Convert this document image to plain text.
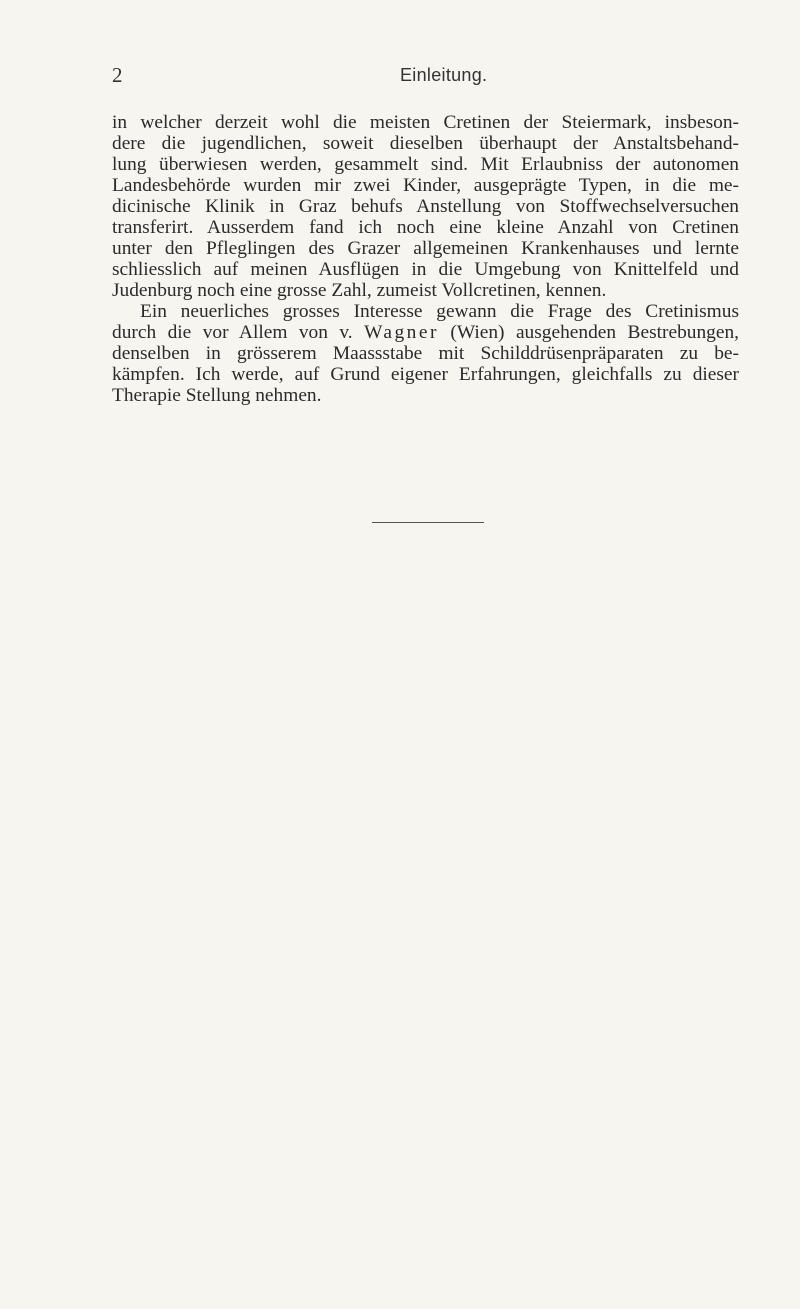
2	Einleitung.
in welcher derzeit wohl die meisten Cretinen der Steiermark, insbeson-
dere die jugendlichen, soweit dieselben überhaupt der Anstaltsbehand-
lung überwiesen werden, gesammelt sind. Mit Erlaubniss der autonomen
Landesbehörde wurden mir zwei Kinder, ausgeprägte Typen, in die me-
dicinische Klinik in Graz behufs Anstellung von Stoffwechselversuchen
transferirt. Ausserdem fand ich noch eine kleine Anzahl von Cretinen
unter den Pfleglingen des Grazer allgemeinen Krankenhauses und lernte
schliesslich auf meinen Ausflügen in die Umgebung von Knittelfeld und
Judenburg noch eine grosse Zahl, zumeist Vollcretinen, kennen.
Ein neuerliches grosses Interesse gewann die Frage des Cretinismus
durch die vor Allem von v. Wagner (Wien) ausgehenden Bestrebungen,
denselben in grösserem Maassstabe mit Schilddrüsenpräparaten zu be-
kämpfen. Ich werde, auf Grund eigener Erfahrungen, gleichfalls zu dieser
Therapie Stellung nehmen.
